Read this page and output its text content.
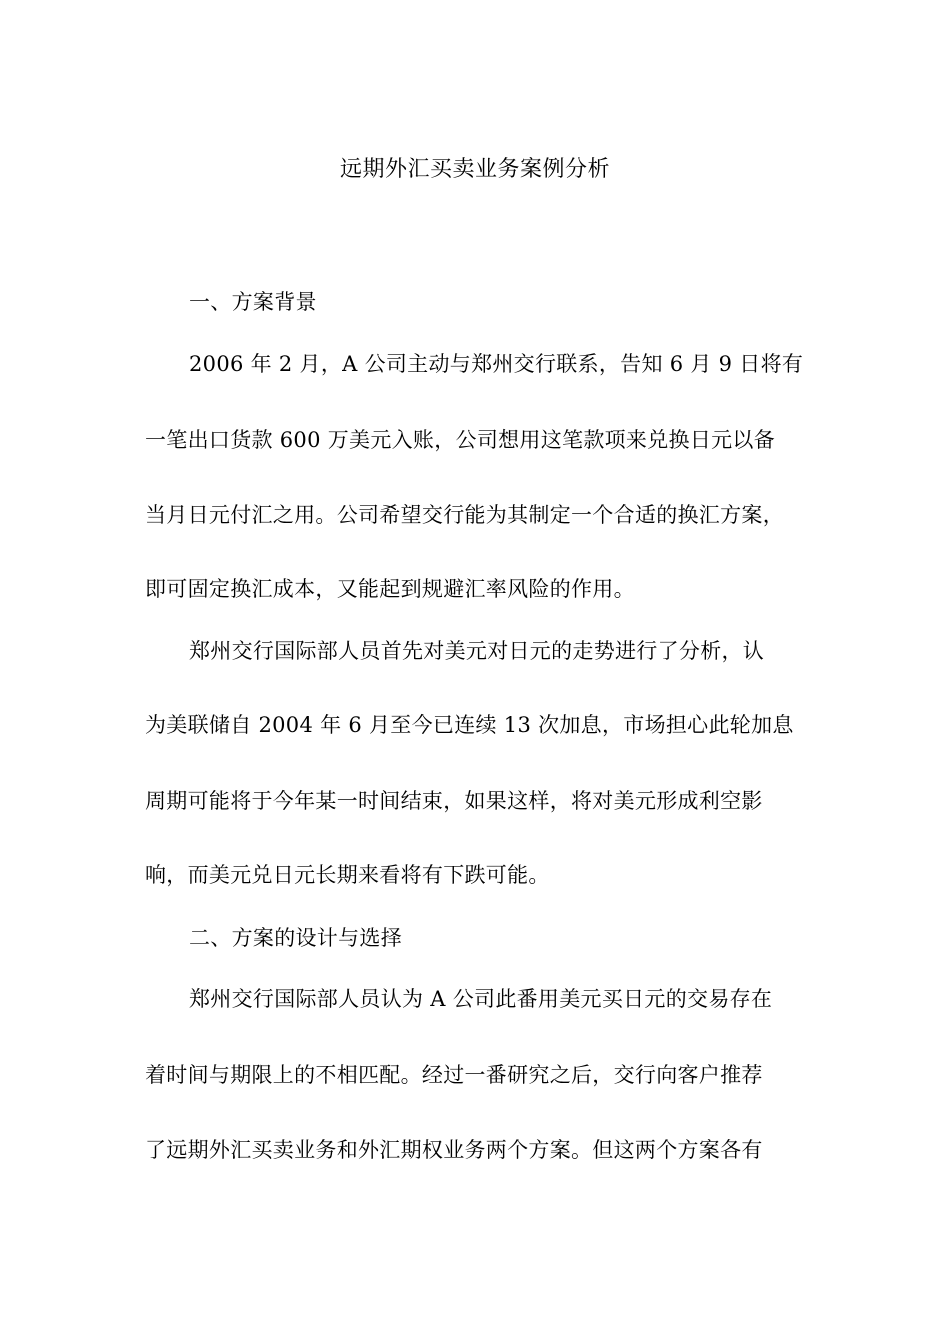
远期外汇买卖业务案例分析
一、方案背景
2006 年 2 月，A 公司主动与郑州交行联系，告知 6 月 9 日将有
一笔出口货款 600 万美元入账，公司想用这笔款项来兑换日元以备
当月日元付汇之用。公司希望交行能为其制定一个合适的换汇方案，
即可固定换汇成本，又能起到规避汇率风险的作用。
郑州交行国际部人员首先对美元对日元的走势进行了分析，认
为美联储自 2004 年 6 月至今已连续 13 次加息，市场担心此轮加息
周期可能将于今年某一时间结束，如果这样，将对美元形成利空影
响，而美元兑日元长期来看将有下跌可能。
二、方案的设计与选择
郑州交行国际部人员认为 A 公司此番用美元买日元的交易存在
着时间与期限上的不相匹配。经过一番研究之后，交行向客户推荐
了远期外汇买卖业务和外汇期权业务两个方案。但这两个方案各有
